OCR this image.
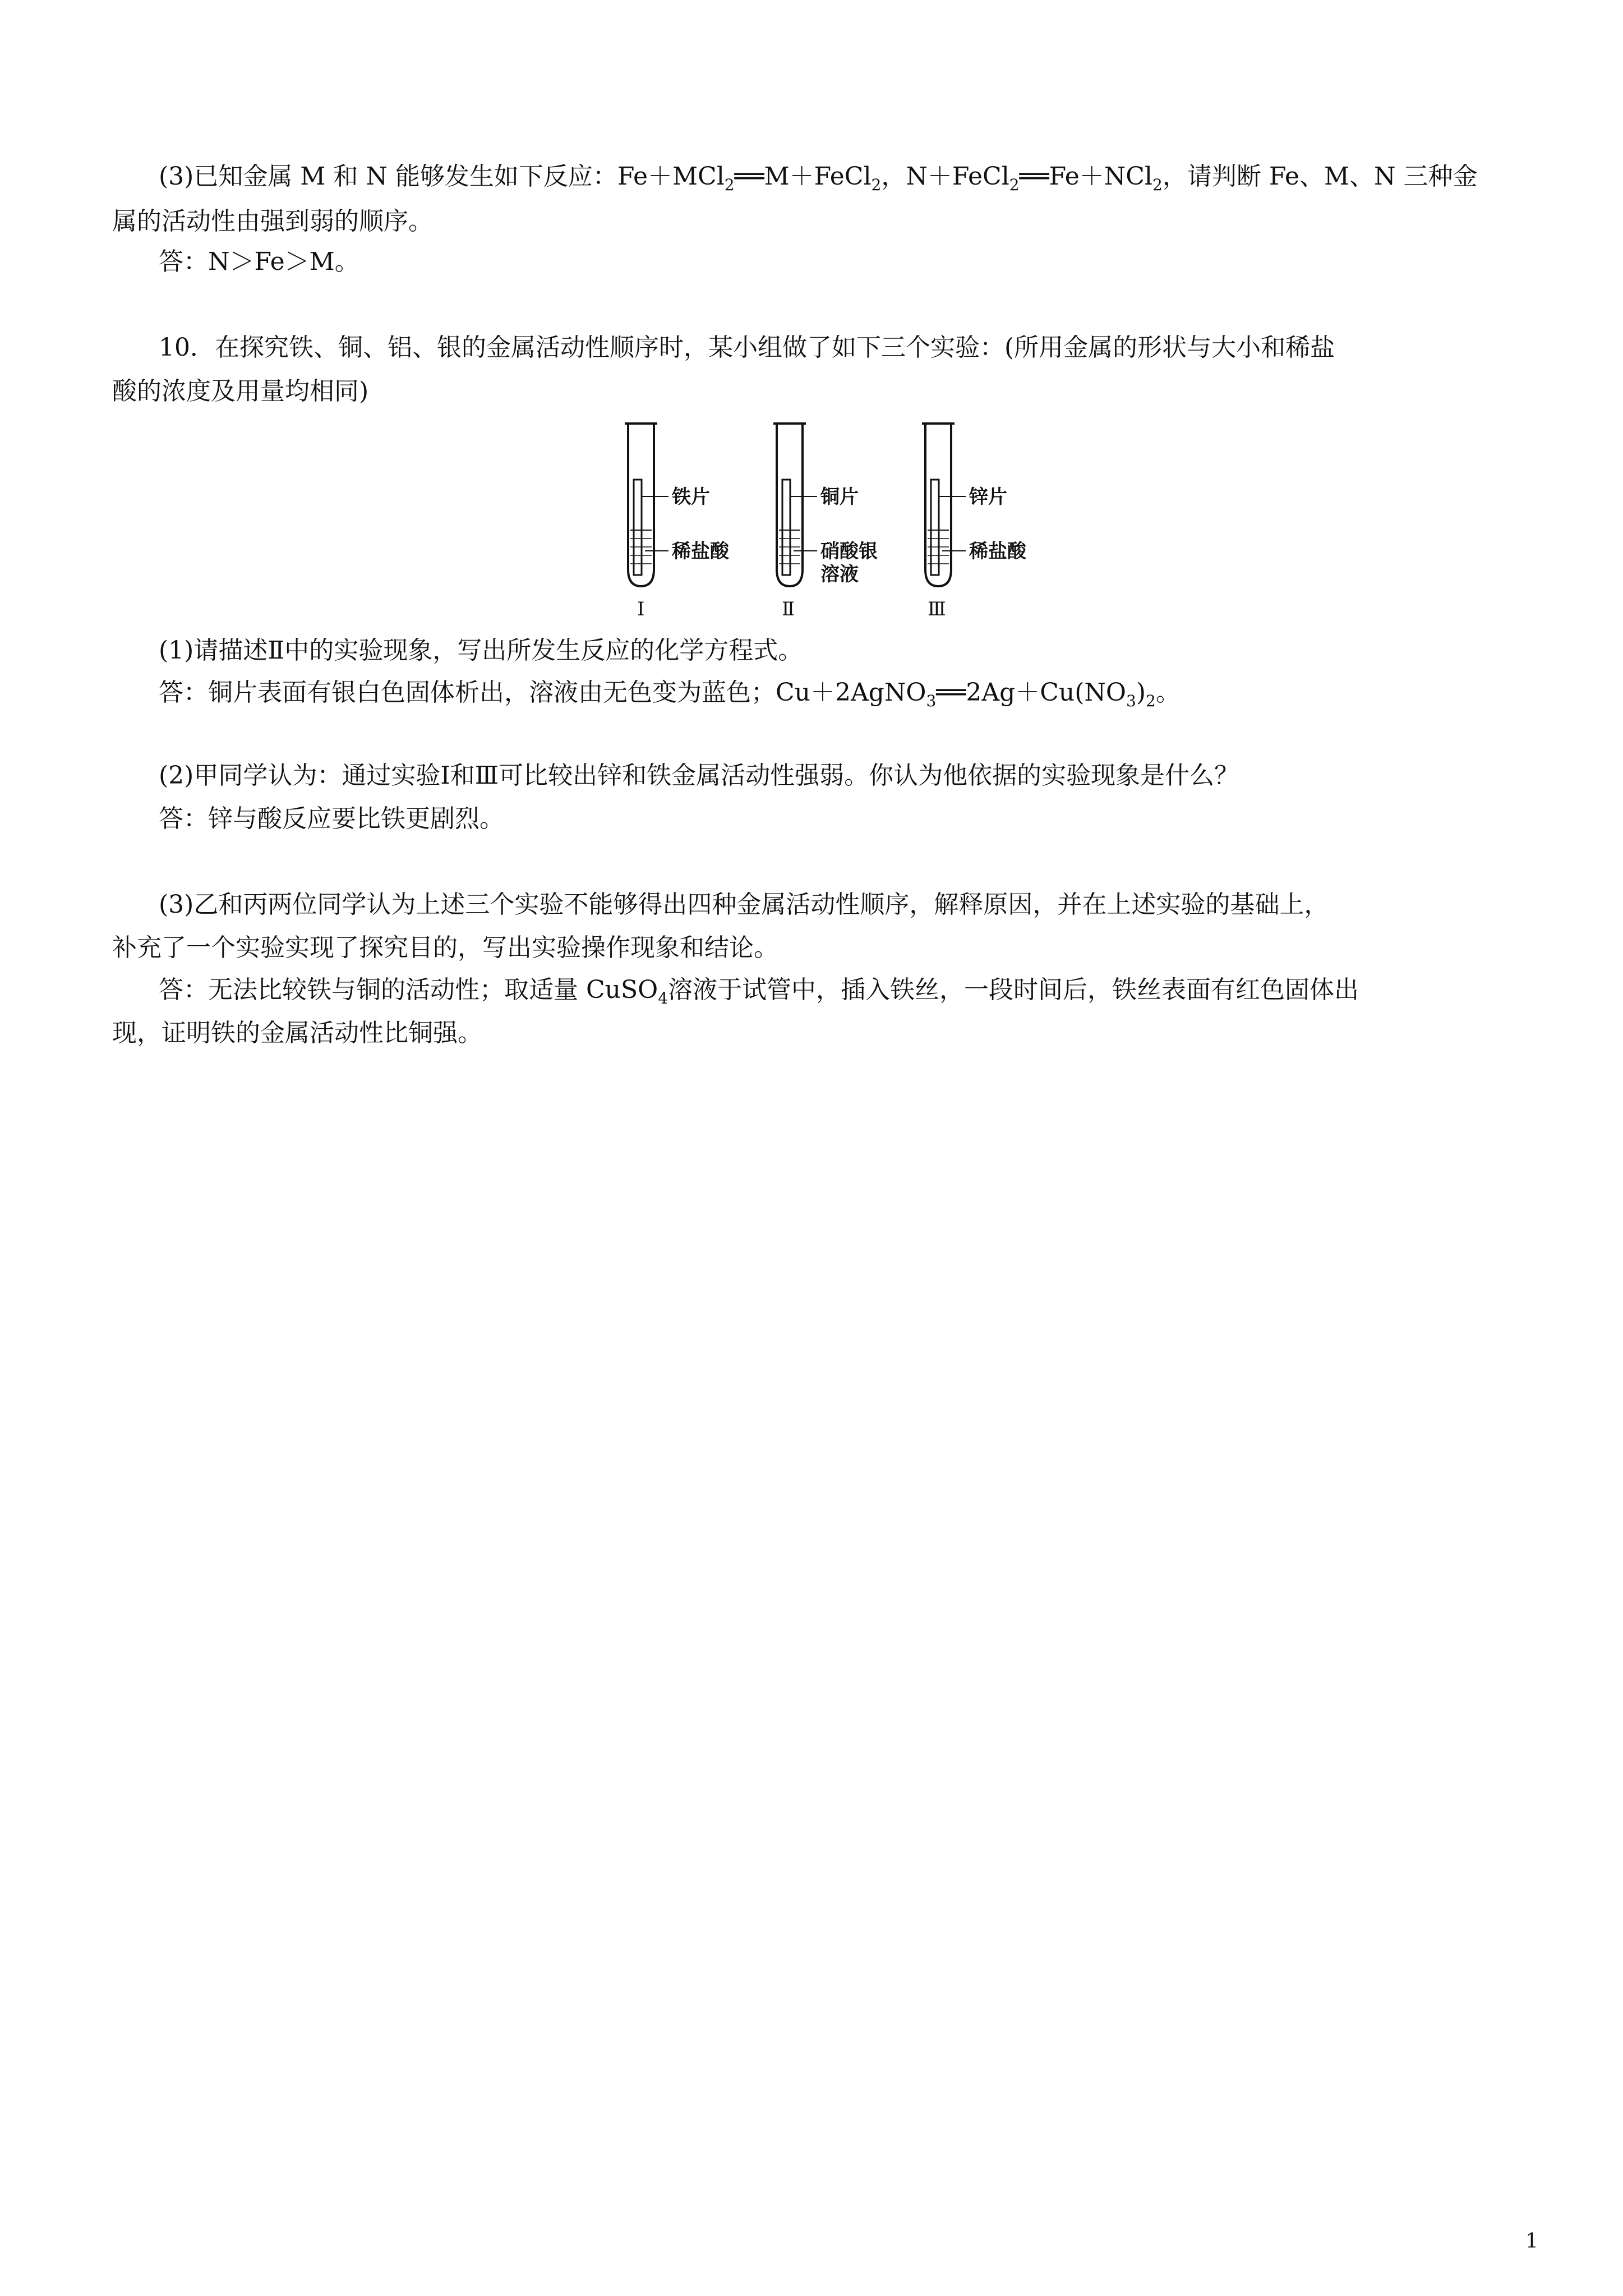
(3)已知金属 M 和 N 能够发生如下反应：Fe＋MCl$_2$══M＋FeCl$_2$，N＋FeCl$_2$══Fe＋NCl$_2$，请判断 Fe、M、N 三种金
属的活动性由强到弱的顺序。
答：N＞Fe＞M。
10．在探究铁、铜、铝、银的金属活动性顺序时，某小组做了如下三个实验：(所用金属的形状与大小和稀盐
酸的浓度及用量均相同)
铁片
稀盐酸
Ⅰ
铜片
硝酸银
溶液
Ⅱ
锌片
稀盐酸
Ⅲ
(1)请描述Ⅱ中的实验现象，写出所发生反应的化学方程式。
答：铜片表面有银白色固体析出，溶液由无色变为蓝色；$Cu+2AgNO_3══2Ag+Cu(NO_3)_2$。
(2)甲同学认为：通过实验Ⅰ和Ⅲ可比较出锌和铁金属活动性强弱。你认为他依据的实验现象是什么？
答：锌与酸反应要比铁更剧烈。
(3)乙和丙两位同学认为上述三个实验不能够得出四种金属活动性顺序，解释原因，并在上述实验的基础上，
补充了一个实验实现了探究目的，写出实验操作现象和结论。
答：无法比较铁与铜的活动性；取适量 CuSO$_4$溶液于试管中，插入铁丝，一段时间后，铁丝表面有红色固体出
现，证明铁的金属活动性比铜强。
1
